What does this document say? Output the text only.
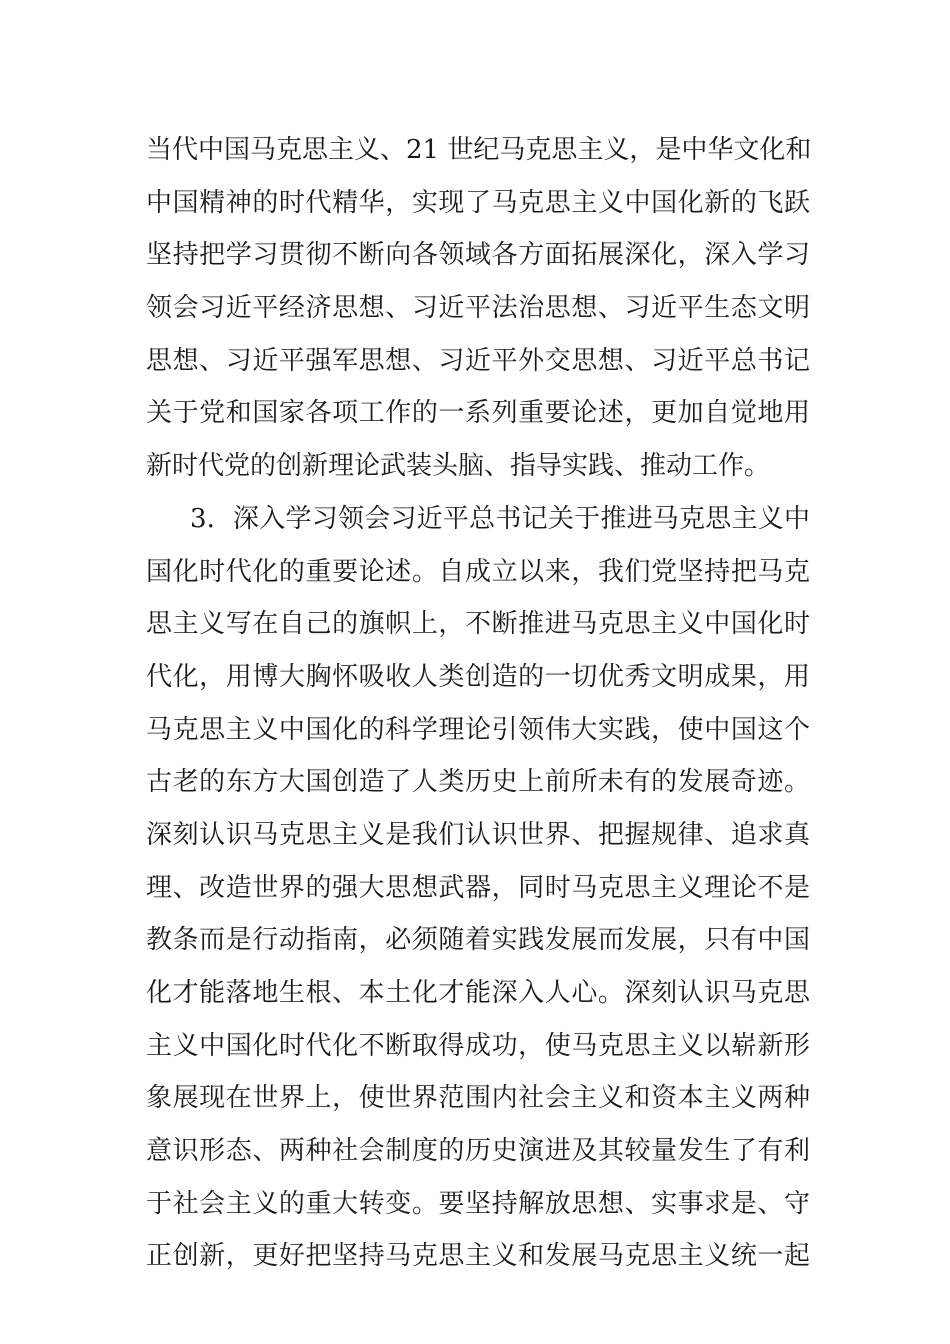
当代中国马克思主义、21 世纪马克思主义，是中华文化和
中国精神的时代精华，实现了马克思主义中国化新的飞跃
坚持把学习贯彻不断向各领域各方面拓展深化，深入学习
领会习近平经济思想、习近平法治思想、习近平生态文明
思想、习近平强军思想、习近平外交思想、习近平总书记
关于党和国家各项工作的一系列重要论述，更加自觉地用
新时代党的创新理论武装头脑、指导实践、推动工作。
3．深入学习领会习近平总书记关于推进马克思主义中
国化时代化的重要论述。自成立以来，我们党坚持把马克
思主义写在自己的旗帜上，不断推进马克思主义中国化时
代化，用博大胸怀吸收人类创造的一切优秀文明成果，用
马克思主义中国化的科学理论引领伟大实践，使中国这个
古老的东方大国创造了人类历史上前所未有的发展奇迹。
深刻认识马克思主义是我们认识世界、把握规律、追求真
理、改造世界的强大思想武器，同时马克思主义理论不是
教条而是行动指南，必须随着实践发展而发展，只有中国
化才能落地生根、本土化才能深入人心。深刻认识马克思
主义中国化时代化不断取得成功，使马克思主义以崭新形
象展现在世界上，使世界范围内社会主义和资本主义两种
意识形态、两种社会制度的历史演进及其较量发生了有利
于社会主义的重大转变。要坚持解放思想、实事求是、守
正创新，更好把坚持马克思主义和发展马克思主义统一起
